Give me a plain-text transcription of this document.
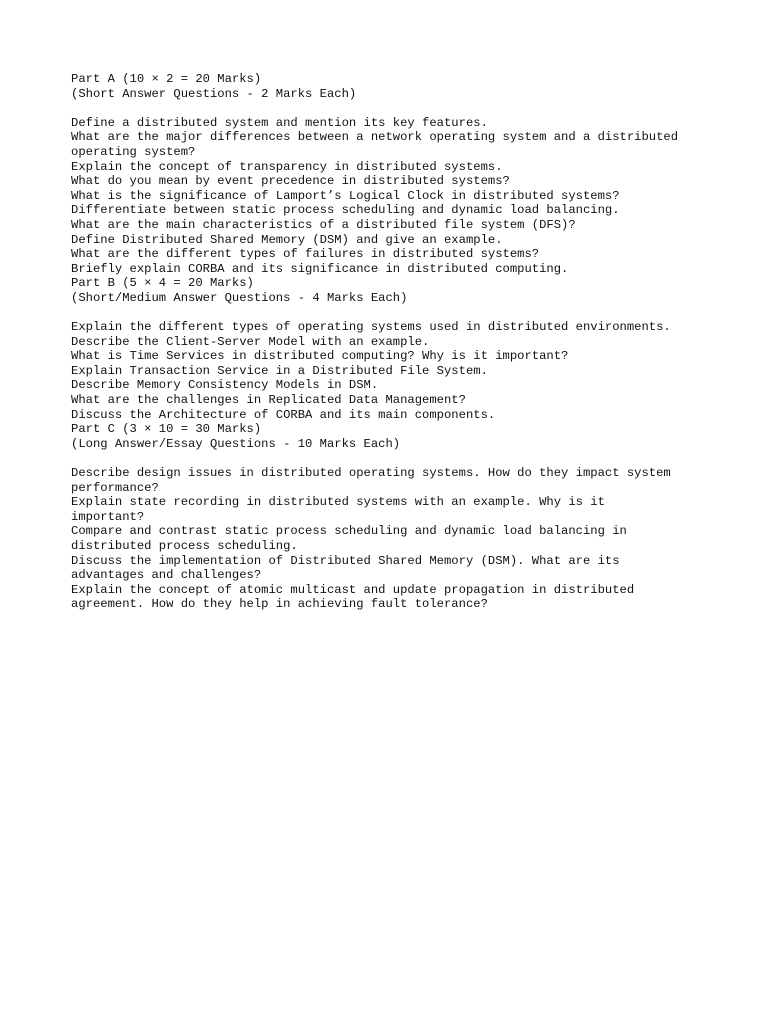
Part A (10 × 2 = 20 Marks)
(Short Answer Questions - 2 Marks Each)
Define a distributed system and mention its key features.
What are the major differences between a network operating system and a distributed
operating system?
Explain the concept of transparency in distributed systems.
What do you mean by event precedence in distributed systems?
What is the significance of Lamport’s Logical Clock in distributed systems?
Differentiate between static process scheduling and dynamic load balancing.
What are the main characteristics of a distributed file system (DFS)?
Define Distributed Shared Memory (DSM) and give an example.
What are the different types of failures in distributed systems?
Briefly explain CORBA and its significance in distributed computing.
Part B (5 × 4 = 20 Marks)
(Short/Medium Answer Questions - 4 Marks Each)
Explain the different types of operating systems used in distributed environments.
Describe the Client-Server Model with an example.
What is Time Services in distributed computing? Why is it important?
Explain Transaction Service in a Distributed File System.
Describe Memory Consistency Models in DSM.
What are the challenges in Replicated Data Management?
Discuss the Architecture of CORBA and its main components.
Part C (3 × 10 = 30 Marks)
(Long Answer/Essay Questions - 10 Marks Each)
Describe design issues in distributed operating systems. How do they impact system
performance?
Explain state recording in distributed systems with an example. Why is it
important?
Compare and contrast static process scheduling and dynamic load balancing in
distributed process scheduling.
Discuss the implementation of Distributed Shared Memory (DSM). What are its
advantages and challenges?
Explain the concept of atomic multicast and update propagation in distributed
agreement. How do they help in achieving fault tolerance?
